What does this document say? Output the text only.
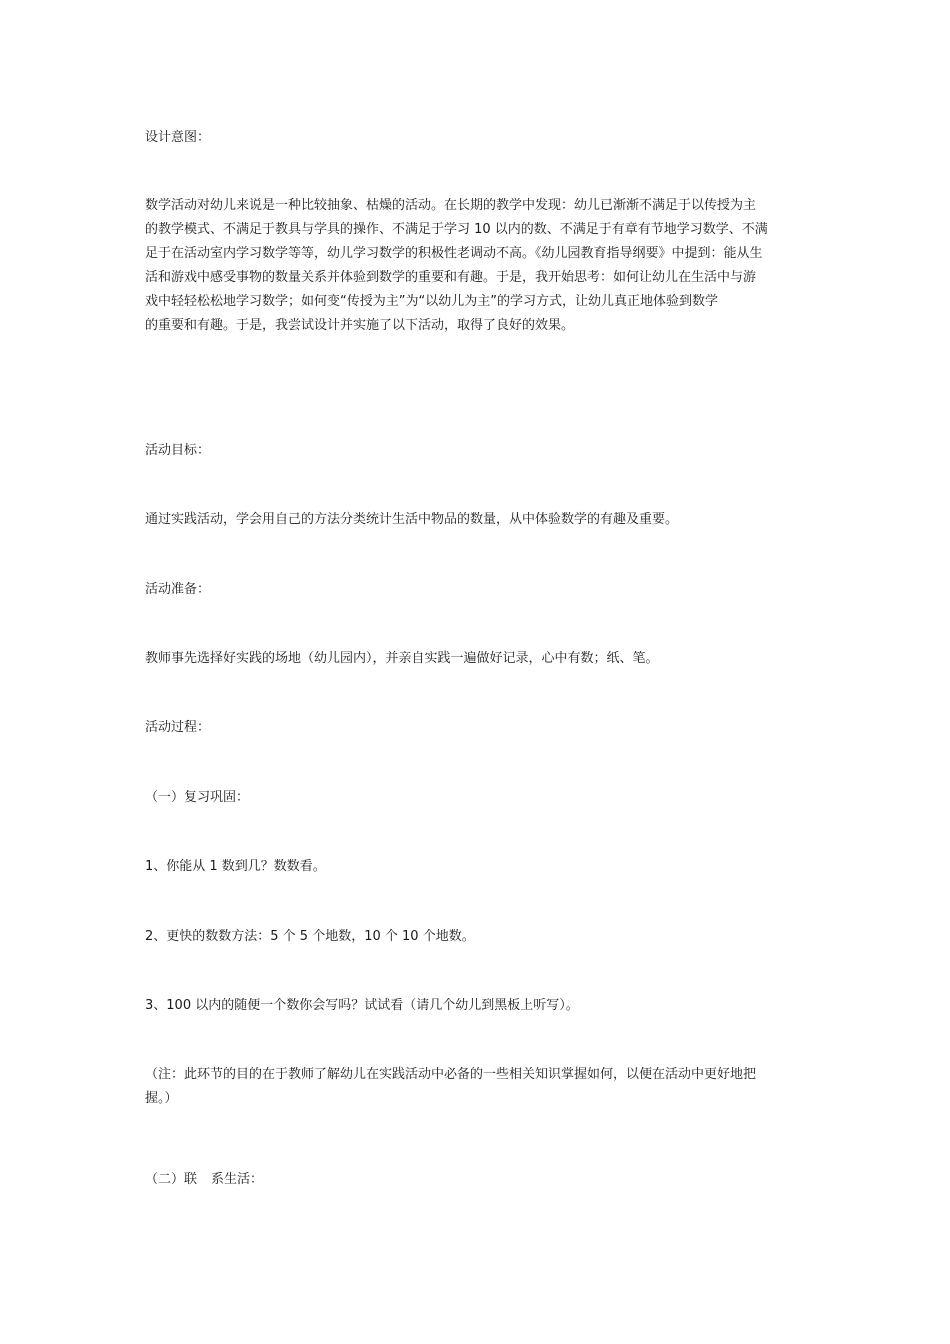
设计意图：

数学活动对幼儿来说是一种比较抽象、枯燥的活动。在长期的教学中发现：幼儿已渐渐不满足于以传授为主
的教学模式、不满足于教具与学具的操作、不满足于学习 10 以内的数、不满足于有章有节地学习数学、不满
足于在活动室内学习数学等等，幼儿学习数学的积极性老调动不高。《幼儿园教育指导纲要》中提到：能从生
活和游戏中感受事物的数量关系并体验到数学的重要和有趣。于是，我开始思考：如何让幼儿在生活中与游
戏中轻轻松松地学习数学；如何变“传授为主”为“以幼儿为主”的学习方式，让幼儿真正地体验到数学
的重要和有趣。于是，我尝试设计并实施了以下活动，取得了良好的效果。

活动目标：

通过实践活动，学会用自己的方法分类统计生活中物品的数量，从中体验数学的有趣及重要。

活动准备：

教师事先选择好实践的场地（幼儿园内），并亲自实践一遍做好记录，心中有数；纸、笔。

活动过程：

（一）复习巩固：

1、你能从 1 数到几？数数看。

2、更快的数数方法：5 个 5 个地数，10 个 10 个地数。

3、100 以内的随便一个数你会写吗？试试看（请几个幼儿到黑板上听写）。

（注：此环节的目的在于教师了解幼儿在实践活动中必备的一些相关知识掌握如何，以便在活动中更好地把
握。）

（二）联 系生活：
